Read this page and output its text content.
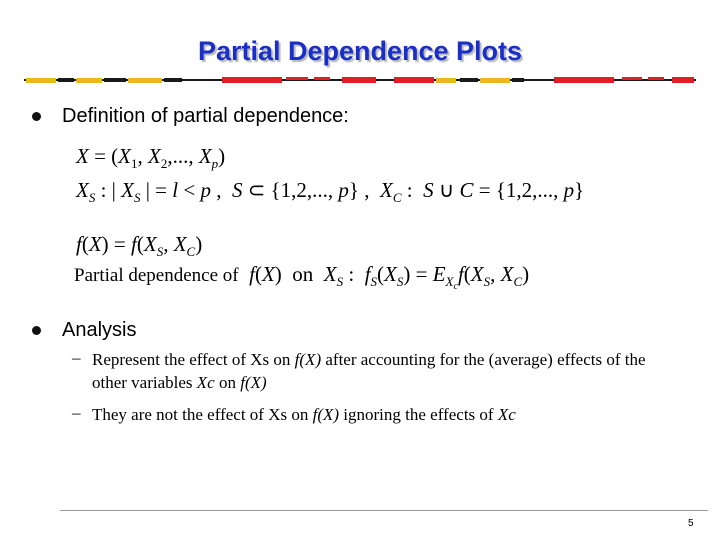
Partial Dependence Plots
Definition of partial dependence:
$X = (X_1$, $X_2$,..., $X_p$)
$X_S$ : | $X_S$ | = l < p ,  S ⊂ {1,2,..., p} ,  $X_C$ :  S ∪ C = {1,2,..., p}
$f(X) = f(X_S$, $X_C$)
Partial dependence of f(X)  on  $X_S$ :  $f_S(X_S) = E_{X_c}f(X_S$, $X_C$)
Analysis
– Represent the effect of Xs on f(X) after accounting for the (average) effects of the other variables Xc on f(X)
– They are not the effect of Xs on f(X) ignoring the effects of Xc
5
